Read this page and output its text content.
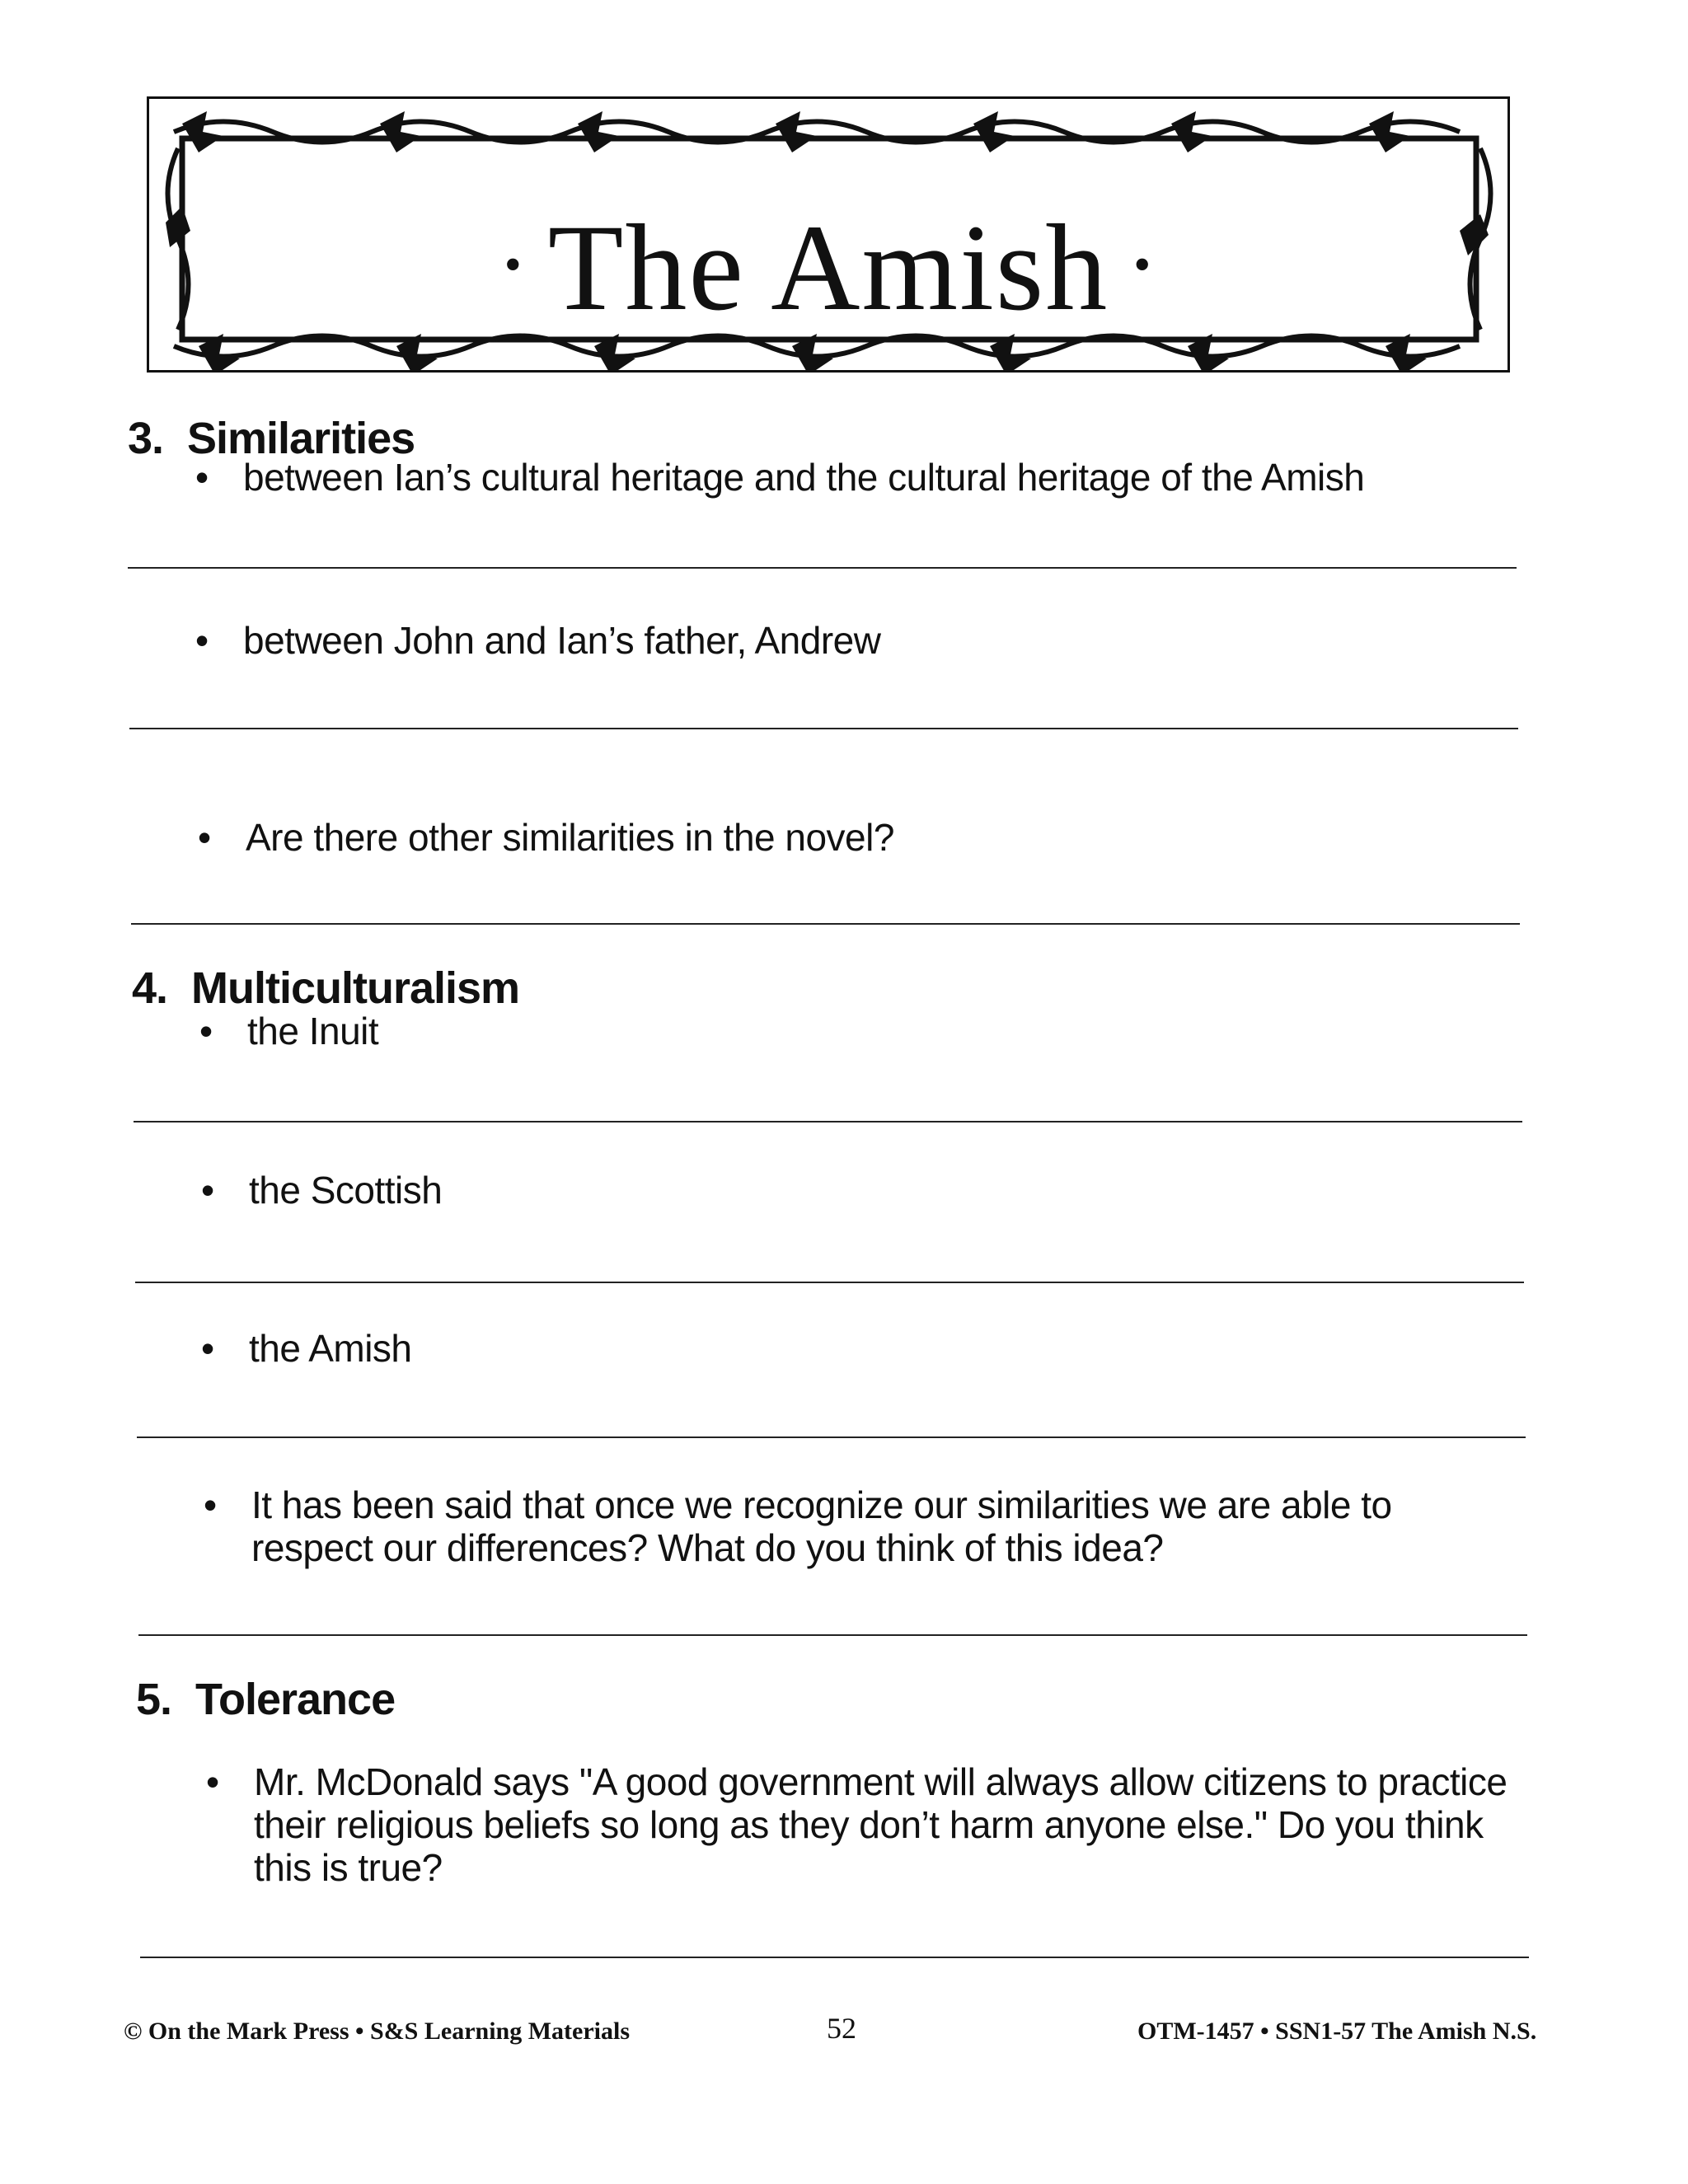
• The Amish •
3. Similarities
• between Ian’s cultural heritage and the cultural heritage of the Amish
• between John and Ian’s father, Andrew
• Are there other similarities in the novel?
4. Multiculturalism
• the Inuit
• the Scottish
• the Amish
• It has been said that once we recognize our similarities we are able to respect our differences? What do you think of this idea?
5. Tolerance
• Mr. McDonald says "A good government will always allow citizens to practice their religious beliefs so long as they don’t harm anyone else." Do you think this is true?
© On the Mark Press • S&S Learning Materials	52	OTM-1457 • SSN1-57 The Amish N.S.
